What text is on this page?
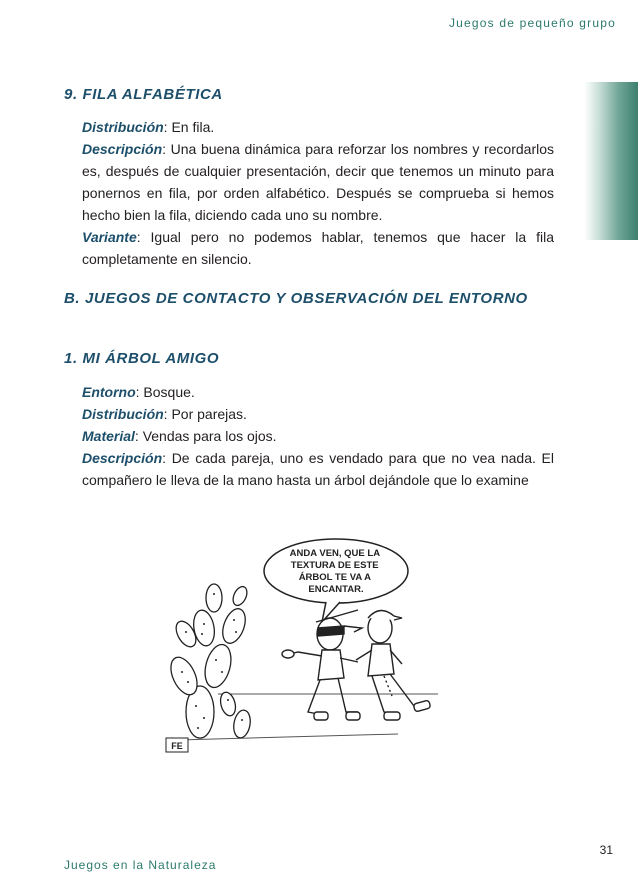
Juegos de pequeño grupo
9. FILA ALFABÉTICA

Distribución: En fila.

Descripción: Una buena dinámica para reforzar los nombres y recordarlos es, después de cualquier presentación, decir que tenemos un minuto para ponernos en fila, por orden alfabético. Después se comprueba si hemos hecho bien la fila, diciendo cada uno su nombre.

Variante: Igual pero no podemos hablar, tenemos que hacer la fila completamente en silencio.

B. JUEGOS DE CONTACTO Y OBSERVACIÓN DEL ENTORNO
1. MI ÁRBOL AMIGO

Entorno: Bosque.

Distribución: Por parejas.

Material: Vendas para los ojos.

Descripción: De cada pareja, uno es vendado para que no vea nada. El compañero le lleva de la mano hasta un árbol dejándole que lo examine

ANDA VEN, QUE LA TEXTURA DE ESTE ÁRBOL TE VA A ENCANTAR.
FE
31
Juegos en la Naturaleza
